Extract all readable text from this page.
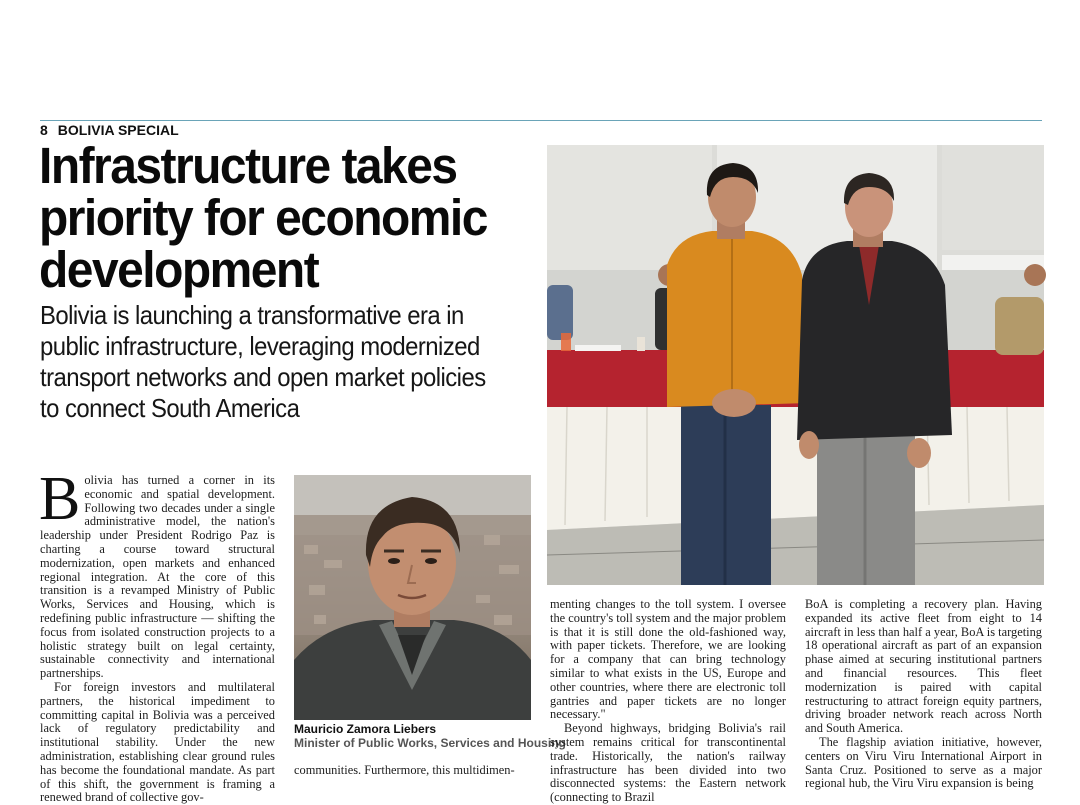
8 BOLIVIA SPECIAL
Infrastructure takes priority for economic development

Bolivia is launching a transformative era in public infrastructure, leveraging modernized transport networks and open market policies to connect South America

Bolivia has turned a corner in its economic and spatial development. Following two decades under a single administrative model, the nation's leadership under President Rodrigo Paz is charting a course toward structural modernization, open markets and enhanced regional integration. At the core of this transition is a revamped Ministry of Public Works, Services and Housing, which is redefining public infrastructure — shifting the focus from isolated construction projects to a holistic strategy built on legal certainty, sustainable connectivity and international partnerships.

For foreign investors and multilateral partners, the historical impediment to committing capital in Bolivia was a perceived lack of regulatory predictability and institutional stability. Under the new administration, establishing clear ground rules has become the foundational mandate. As part of this shift, the government is framing a renewed brand of collective gov-

Mauricio Zamora Liebers
Minister of Public Works, Services and Housing

communities. Furthermore, this multidimen-

menting changes to the toll system. I oversee the country's toll system and the major problem is that it is still done the old-fashioned way, with paper tickets. Therefore, we are looking for a company that can bring technology similar to what exists in the US, Europe and other countries, where there are electronic toll gantries and paper tickets are no longer necessary."

Beyond highways, bridging Bolivia's rail system remains critical for transcontinental trade. Historically, the nation's railway infrastructure has been divided into two disconnected systems: the Eastern network (connecting to Brazil

BoA is completing a recovery plan. Having expanded its active fleet from eight to 14 aircraft in less than half a year, BoA is targeting 18 operational aircraft as part of an expansion phase aimed at securing institutional partners and financial resources. This fleet modernization is paired with capital restructuring to attract foreign equity partners, driving broader network reach across North and South America.

The flagship aviation initiative, however, centers on Viru Viru International Airport in Santa Cruz. Positioned to serve as a major regional hub, the Viru Viru expansion is being
